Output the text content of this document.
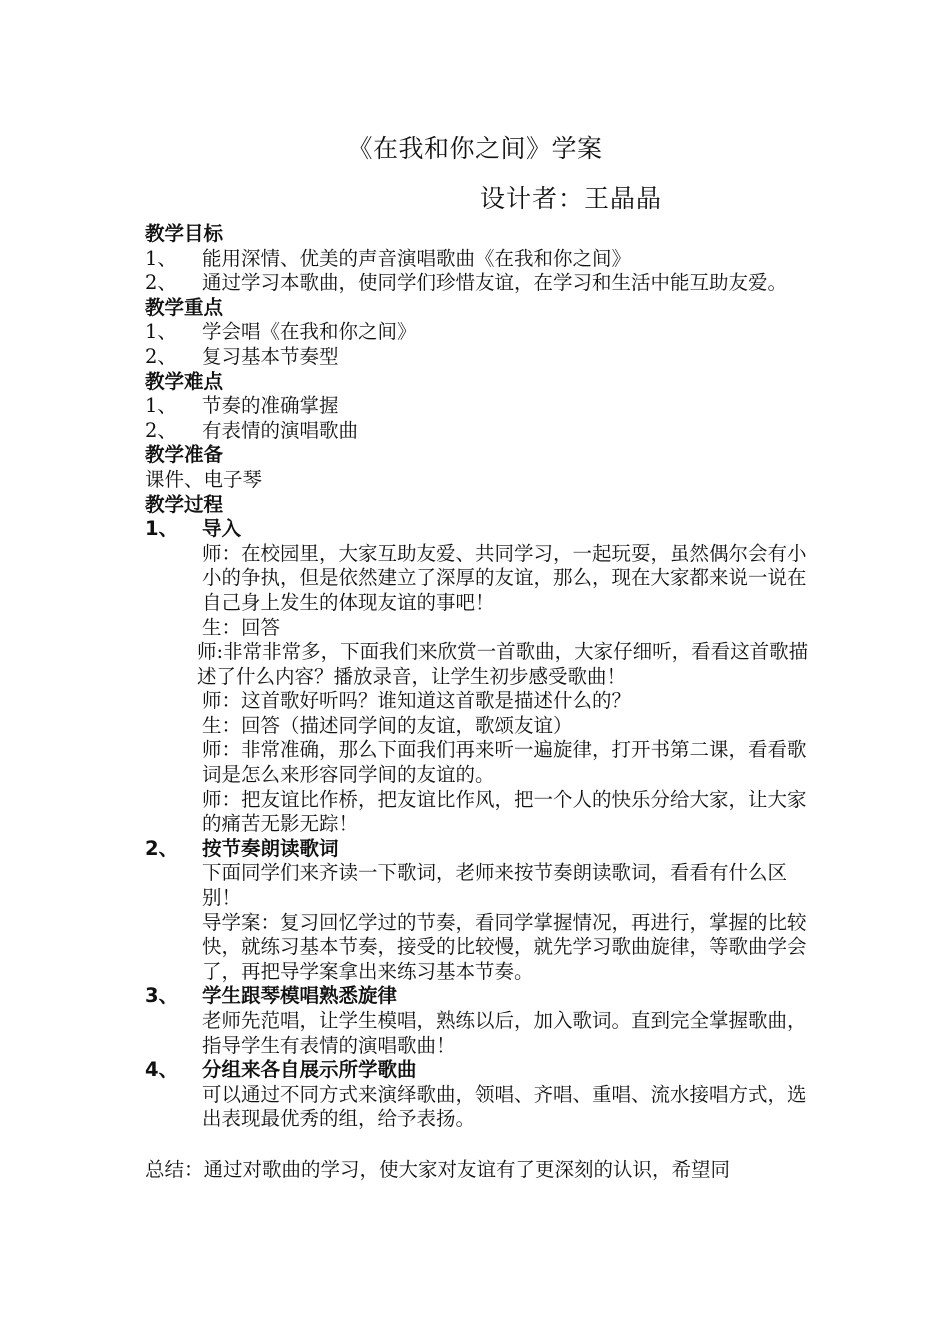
《在我和你之间》学案
设计者：王晶晶
教学目标
1、	能用深情、优美的声音演唱歌曲《在我和你之间》
2、	通过学习本歌曲，使同学们珍惜友谊，在学习和生活中能互助友爱。
教学重点
1、	学会唱《在我和你之间》
2、	复习基本节奏型
教学难点
1、	节奏的准确掌握
2、	有表情的演唱歌曲
教学准备
课件、电子琴
教学过程
1、	导入
师：在校园里，大家互助友爱、共同学习，一起玩耍，虽然偶尔会有小小的争执，但是依然建立了深厚的友谊，那么，现在大家都来说一说在自己身上发生的体现友谊的事吧！
生：回答
师:非常非常多，下面我们来欣赏一首歌曲，大家仔细听，看看这首歌描述了什么内容？播放录音，让学生初步感受歌曲！
师：这首歌好听吗？谁知道这首歌是描述什么的？
生：回答（描述同学间的友谊，歌颂友谊）
师：非常准确，那么下面我们再来听一遍旋律，打开书第二课，看看歌词是怎么来形容同学间的友谊的。
师：把友谊比作桥，把友谊比作风，把一个人的快乐分给大家，让大家的痛苦无影无踪！
2、	按节奏朗读歌词
下面同学们来齐读一下歌词，老师来按节奏朗读歌词，看看有什么区别！
导学案：复习回忆学过的节奏，看同学掌握情况，再进行，掌握的比较快，就练习基本节奏，接受的比较慢，就先学习歌曲旋律，等歌曲学会了，再把导学案拿出来练习基本节奏。
3、	学生跟琴模唱熟悉旋律
老师先范唱，让学生模唱，熟练以后，加入歌词。直到完全掌握歌曲，指导学生有表情的演唱歌曲！
4、	分组来各自展示所学歌曲
可以通过不同方式来演绎歌曲，领唱、齐唱、重唱、流水接唱方式，选出表现最优秀的组，给予表扬。
总结：通过对歌曲的学习，使大家对友谊有了更深刻的认识，希望同
